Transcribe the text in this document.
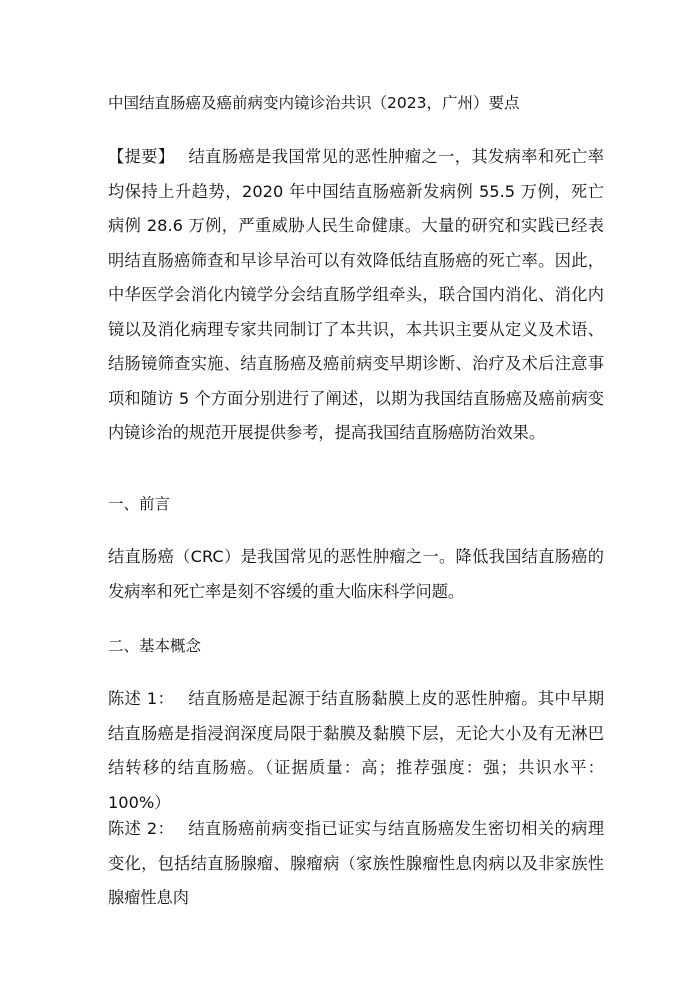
中国结直肠癌及癌前病变内镜诊治共识（2023，广州）要点
【提要】 结直肠癌是我国常见的恶性肿瘤之一，其发病率和死亡率均保持上升趋势，2020 年中国结直肠癌新发病例 55.5 万例，死亡病例 28.6 万例，严重威胁人民生命健康。大量的研究和实践已经表明结直肠癌筛查和早诊早治可以有效降低结直肠癌的死亡率。因此，中华医学会消化内镜学分会结直肠学组牵头，联合国内消化、消化内镜以及消化病理专家共同制订了本共识，本共识主要从定义及术语、结肠镜筛查实施、结直肠癌及癌前病变早期诊断、治疗及术后注意事项和随访 5 个方面分别进行了阐述，以期为我国结直肠癌及癌前病变内镜诊治的规范开展提供参考，提高我国结直肠癌防治效果。
一、前言
结直肠癌（CRC）是我国常见的恶性肿瘤之一。降低我国结直肠癌的发病率和死亡率是刻不容缓的重大临床科学问题。
二、基本概念
陈述 1： 结直肠癌是起源于结直肠黏膜上皮的恶性肿瘤。其中早期结直肠癌是指浸润深度局限于黏膜及黏膜下层，无论大小及有无淋巴结转移的结直肠癌。（证据质量：高；推荐强度：强；共识水平：100%）
陈述 2： 结直肠癌前病变指已证实与结直肠癌发生密切相关的病理变化，包括结直肠腺瘤、腺瘤病（家族性腺瘤性息肉病以及非家族性腺瘤性息肉
